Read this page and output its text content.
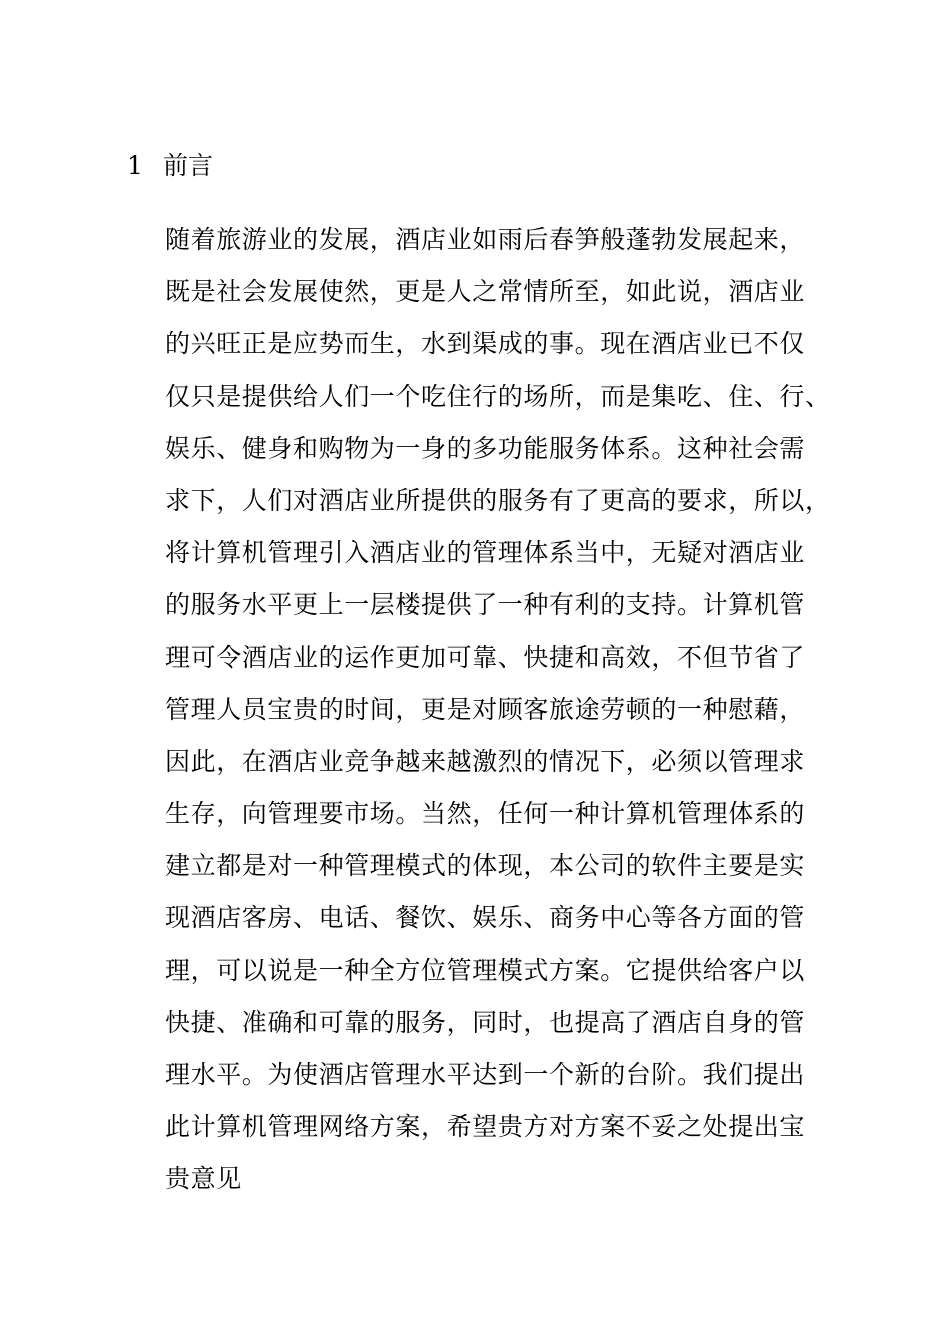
1 前言
随着旅游业的发展，酒店业如雨后春笋般蓬勃发展起来，
既是社会发展使然，更是人之常情所至，如此说，酒店业
的兴旺正是应势而生，水到渠成的事。现在酒店业已不仅
仅只是提供给人们一个吃住行的场所，而是集吃、住、行、
娱乐、健身和购物为一身的多功能服务体系。这种社会需
求下，人们对酒店业所提供的服务有了更高的要求，所以，
将计算机管理引入酒店业的管理体系当中，无疑对酒店业
的服务水平更上一层楼提供了一种有利的支持。计算机管
理可令酒店业的运作更加可靠、快捷和高效，不但节省了
管理人员宝贵的时间，更是对顾客旅途劳顿的一种慰藉，
因此，在酒店业竞争越来越激烈的情况下，必须以管理求
生存，向管理要市场。当然，任何一种计算机管理体系的
建立都是对一种管理模式的体现，本公司的软件主要是实
现酒店客房、电话、餐饮、娱乐、商务中心等各方面的管
理，可以说是一种全方位管理模式方案。它提供给客户以
快捷、准确和可靠的服务，同时，也提高了酒店自身的管
理水平。为使酒店管理水平达到一个新的台阶。我们提出
此计算机管理网络方案，希望贵方对方案不妥之处提出宝
贵意见
